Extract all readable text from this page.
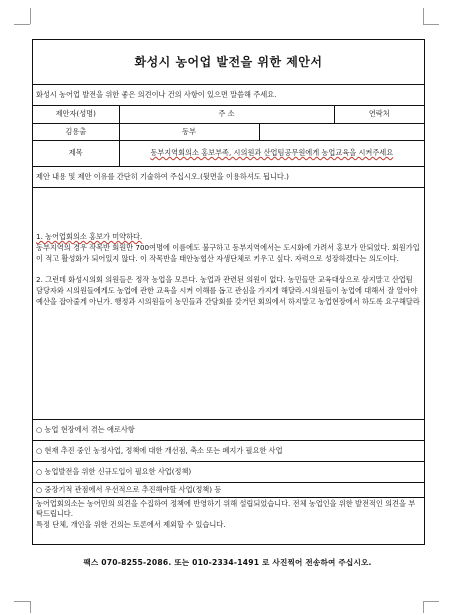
화성시 농어업 발전을 위한 제안서
화성시 농어업 발전을 위한 좋은 의견이나 건의 사항이 있으면 말씀해 주세요.
제안자(성명)	주 소		연락처
김용출	동부		
제목	동부지역회의소 홍보부족, 시의원과 산업팀공무원에게 농업교육을 시켜주세요		
제안 내용 및 제안 이유를 간단히 기술하여 주십시오.(뒷면을 이용하셔도 됩니다.)

1. 농어업회의소 홍보가 미약하다.

동부지역의 경우 작목반 회원만 700여명에 이름에도 불구하고 동부지역에서는 도시화에 가려서 홍보가 안되었다. 회원가입이 적고 활성화가 되어있지 않다. 이 작목반을 태안농협산 자생단체로 키우고 싶다. 자력으로 성장하겠다는 의도이다.

2. 그런데 화성시의회 의원들은 정작 농업을 모른다. 농업과 관련된 의원이 없다. 농민들만 교육대상으로 삼지말고 산업팀 담당자와 시의원들에게도 농업에 관한 교육을 시켜 이해를 돕고 관심을 가지게 해달라.시의원들이 농업에 대해서 잘 알아야 예산을 잡아줄게 아닌가. 행정과 시의원들이 농민들과 간담회를 갖거던 회의에서 하지말고 농업현장에서 하도록 요구해달라

○ 농업 현장에서 겪는 애로사항
○ 현재 추진 중인 농정사업, 정책에 대한 개선점, 축소 또는 폐지가 필요한 사업
○ 농업발전을 위한 신규도입이 필요한 사업(정책)
○ 중장기적 관점에서 우선적으로 추진해야할 사업(정책) 등

농어업회의소는 농어민의 의견을 수집하여 정책에 반영하기 위해 설립되었습니다. 전체 농업인을 위한 발전적인 의견을 부탁드립니다.

특정 단체, 개인을 위한 건의는 토론에서 제외할 수 있습니다.

팩스 070-8255-2086. 또는 010-2334-1491 로 사진찍어 전송하여 주십시오.
